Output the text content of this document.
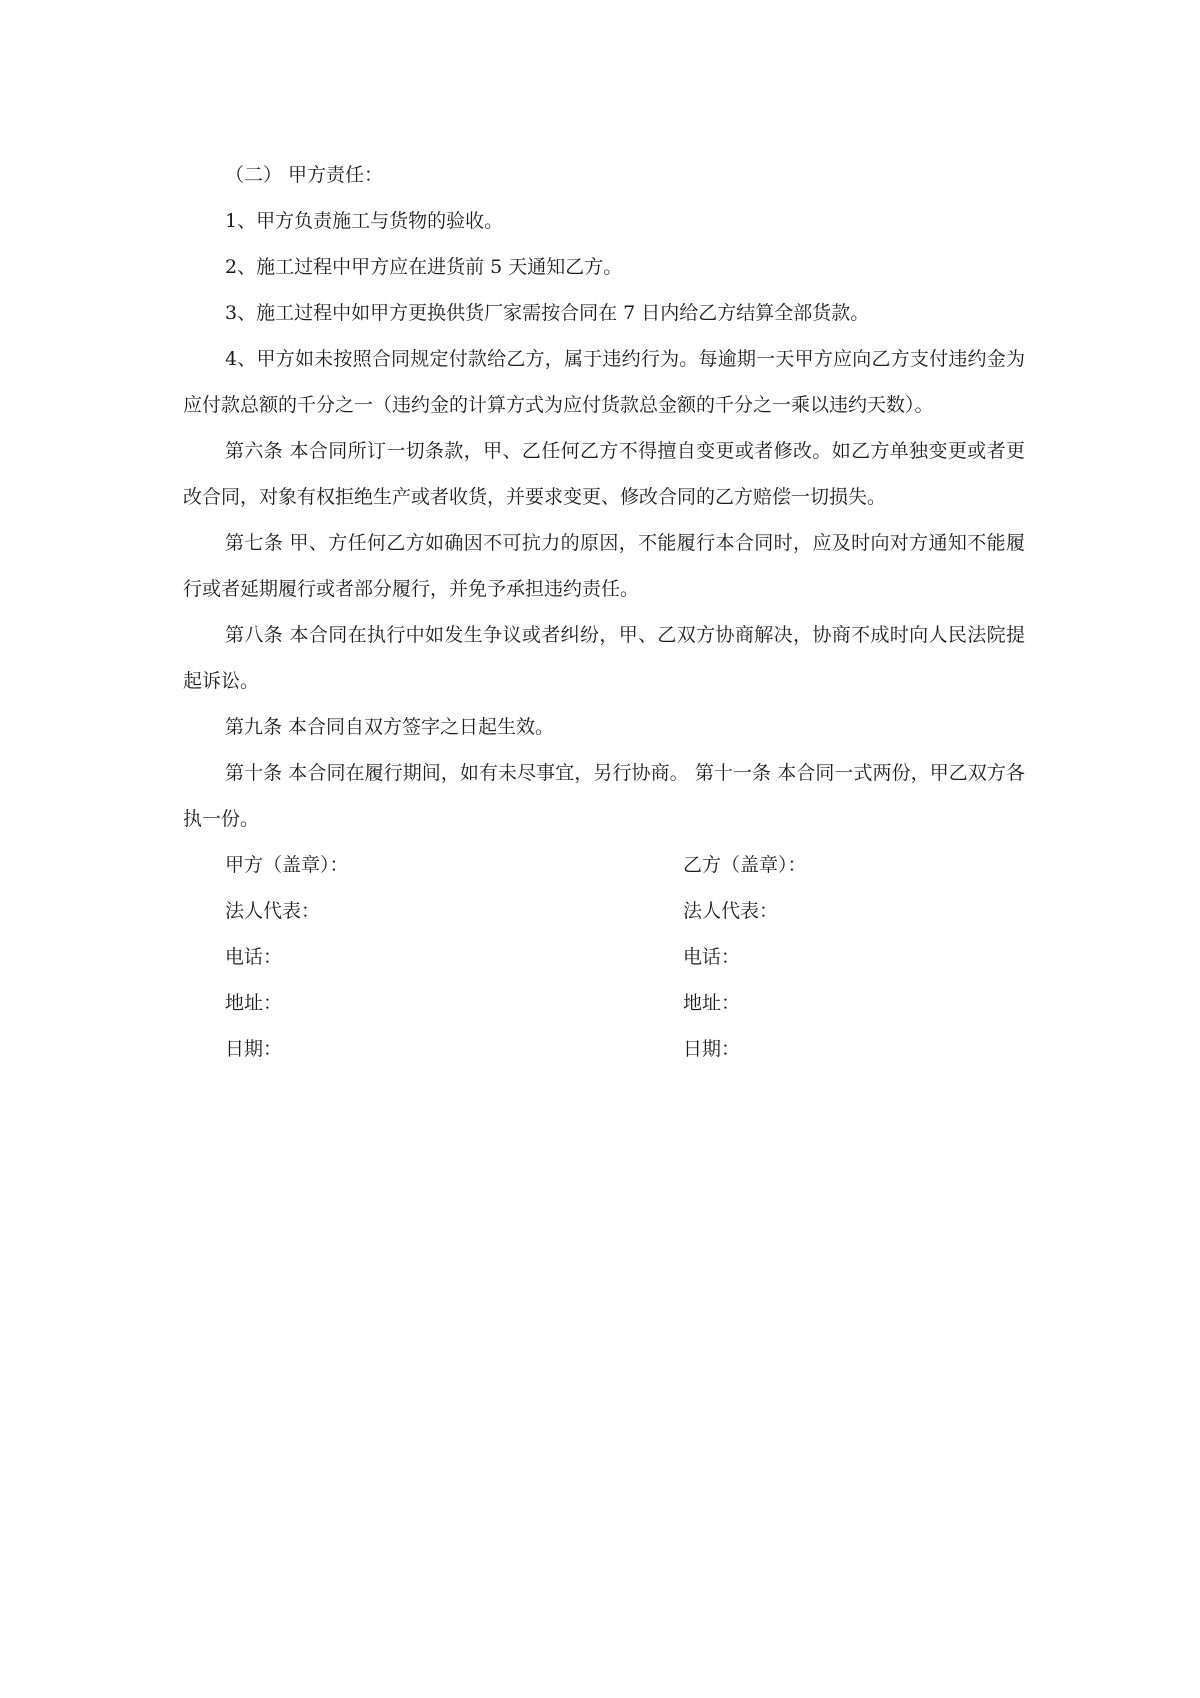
（二） 甲方责任：

1、甲方负责施工与货物的验收。

2、施工过程中甲方应在进货前 5 天通知乙方。

3、施工过程中如甲方更换供货厂家需按合同在 7 日内给乙方结算全部货款。

4、甲方如未按照合同规定付款给乙方，属于违约行为。每逾期一天甲方应向乙方支付违约金为应付款总额的千分之一（违约金的计算方式为应付货款总金额的千分之一乘以违约天数）。

第六条 本合同所订一切条款，甲、乙任何乙方不得擅自变更或者修改。如乙方单独变更或者更改合同，对象有权拒绝生产或者收货，并要求变更、修改合同的乙方赔偿一切损失。

第七条 甲、方任何乙方如确因不可抗力的原因，不能履行本合同时，应及时向对方通知不能履行或者延期履行或者部分履行，并免予承担违约责任。

第八条 本合同在执行中如发生争议或者纠纷，甲、乙双方协商解决，协商不成时向人民法院提起诉讼。

第九条 本合同自双方签字之日起生效。

第十条 本合同在履行期间，如有未尽事宜，另行协商。 第十一条 本合同一式两份，甲乙双方各执一份。

甲方（盖章）：	乙方（盖章）：
法人代表：	法人代表：
电话：	电话：
地址：	地址：
日期：	日期：
